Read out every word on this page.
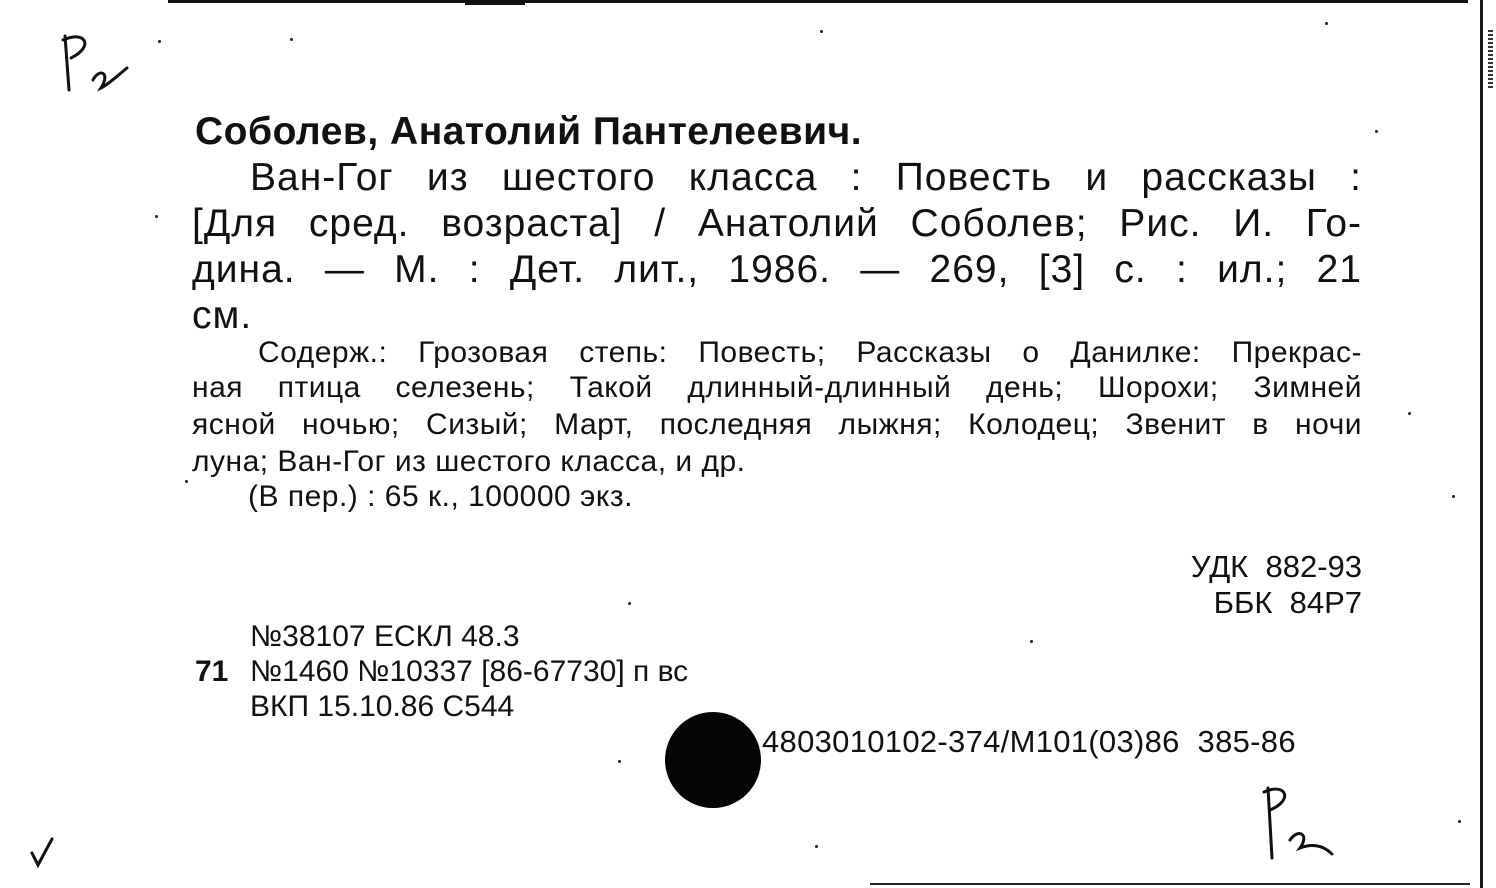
Соболев, Анатолий Пантелеевич.
Ван-Гог из шестого класса : Повесть и рассказы :
[Для сред. возраста] / Анатолий Соболев; Рис. И. Го-
дина. — М. : Дет. лит., 1986. — 269, [3] с. : ил.; 21
см.
Содерж.: Грозовая степь: Повесть; Рассказы о Данилке: Прекрас-
ная птица селезень; Такой длинный-длинный день; Шорохи; Зимней
ясной ночью; Сизый; Март, последняя лыжня; Колодец; Звенит в ночи
луна; Ван-Гог из шестого класса, и др.
(В пер.) : 65 к., 100000 экз.
УДК  882-93
ББК  84Р7
№38107 ЕСКЛ 48.3
71 №1460 №10337 [86-67730] п вс
ВКП 15.10.86 С544
4803010102-374/М101(03)86  385-86
